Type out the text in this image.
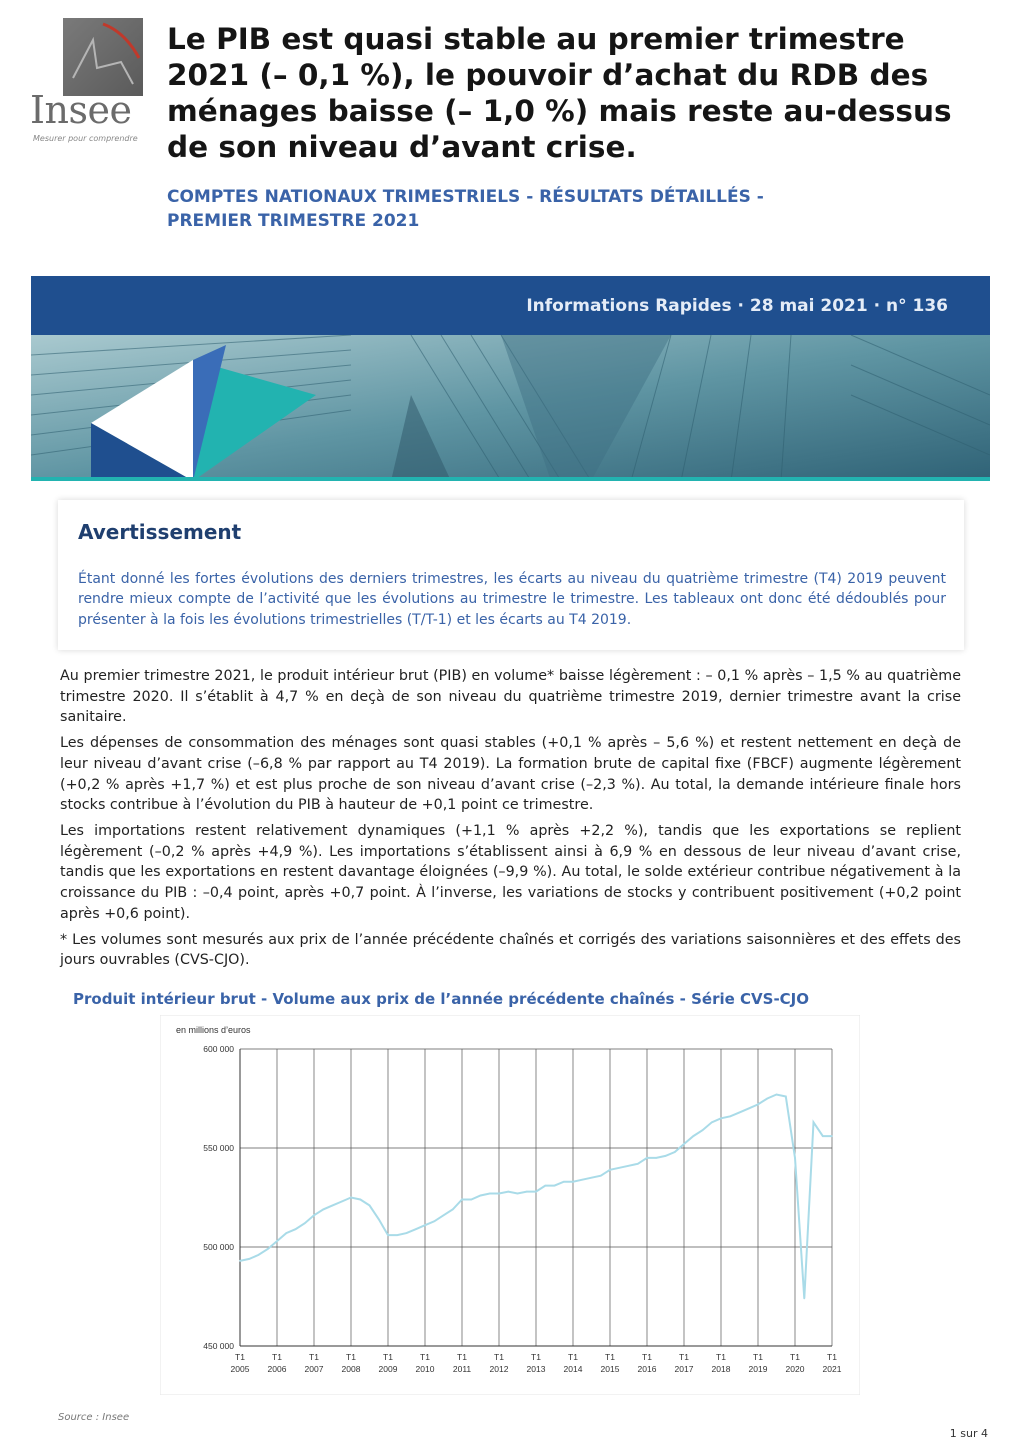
Insee
Mesurer pour comprendre
Le PIB est quasi stable au premier trimestre 2021 (– 0,1 %), le pouvoir d’achat du RDB des ménages baisse (– 1,0 %) mais reste au-dessus de son niveau d’avant crise.
COMPTES NATIONAUX TRIMESTRIELS - RÉSULTATS DÉTAILLÉS -
PREMIER TRIMESTRE 2021
Informations Rapides · 28 mai 2021 · n° 136
Avertissement

Étant donné les fortes évolutions des derniers trimestres, les écarts au niveau du quatrième trimestre (T4) 2019 peuvent rendre mieux compte de l’activité que les évolutions au trimestre le trimestre. Les tableaux ont donc été dédoublés pour présenter à la fois les évolutions trimestrielles (T/T-1) et les écarts au T4 2019.

Au premier trimestre 2021, le produit intérieur brut (PIB) en volume* baisse légèrement : – 0,1 % après – 1,5 % au quatrième trimestre 2020. Il s’établit à 4,7 % en deçà de son niveau du quatrième trimestre 2019, dernier trimestre avant la crise sanitaire.

Les dépenses de consommation des ménages sont quasi stables (+0,1 % après – 5,6 %) et restent nettement en deçà de leur niveau d’avant crise (–6,8 % par rapport au T4 2019). La formation brute de capital fixe (FBCF) augmente légèrement (+0,2 % après +1,7 %) et est plus proche de son niveau d’avant crise (–2,3 %). Au total, la demande intérieure finale hors stocks contribue à l’évolution du PIB à hauteur de +0,1 point ce trimestre.

Les importations restent relativement dynamiques (+1,1 % après +2,2 %), tandis que les exportations se replient légèrement (–0,2 % après +4,9 %). Les importations s’établissent ainsi à 6,9 % en dessous de leur niveau d’avant crise, tandis que les exportations en restent davantage éloignées (–9,9 %). Au total, le solde extérieur contribue négativement à la croissance du PIB : –0,4 point, après +0,7 point. À l’inverse, les variations de stocks y contribuent positivement (+0,2 point après +0,6 point).

* Les volumes sont mesurés aux prix de l’année précédente chaînés et corrigés des variations saisonnières et des effets des jours ouvrables (CVS-CJO).

Produit intérieur brut - Volume aux prix de l’année précédente chaînés - Série CVS-CJO
en millions d’euros
450 000
500 000
550 000
600 000
T1
2005
T1
2006
T1
2007
T1
2008
T1
2009
T1
2010
T1
2011
T1
2012
T1
2013
T1
2014
T1
2015
T1
2016
T1
2017
T1
2018
T1
2019
T1
2020
T1
2021
Source : Insee
1 sur 4
